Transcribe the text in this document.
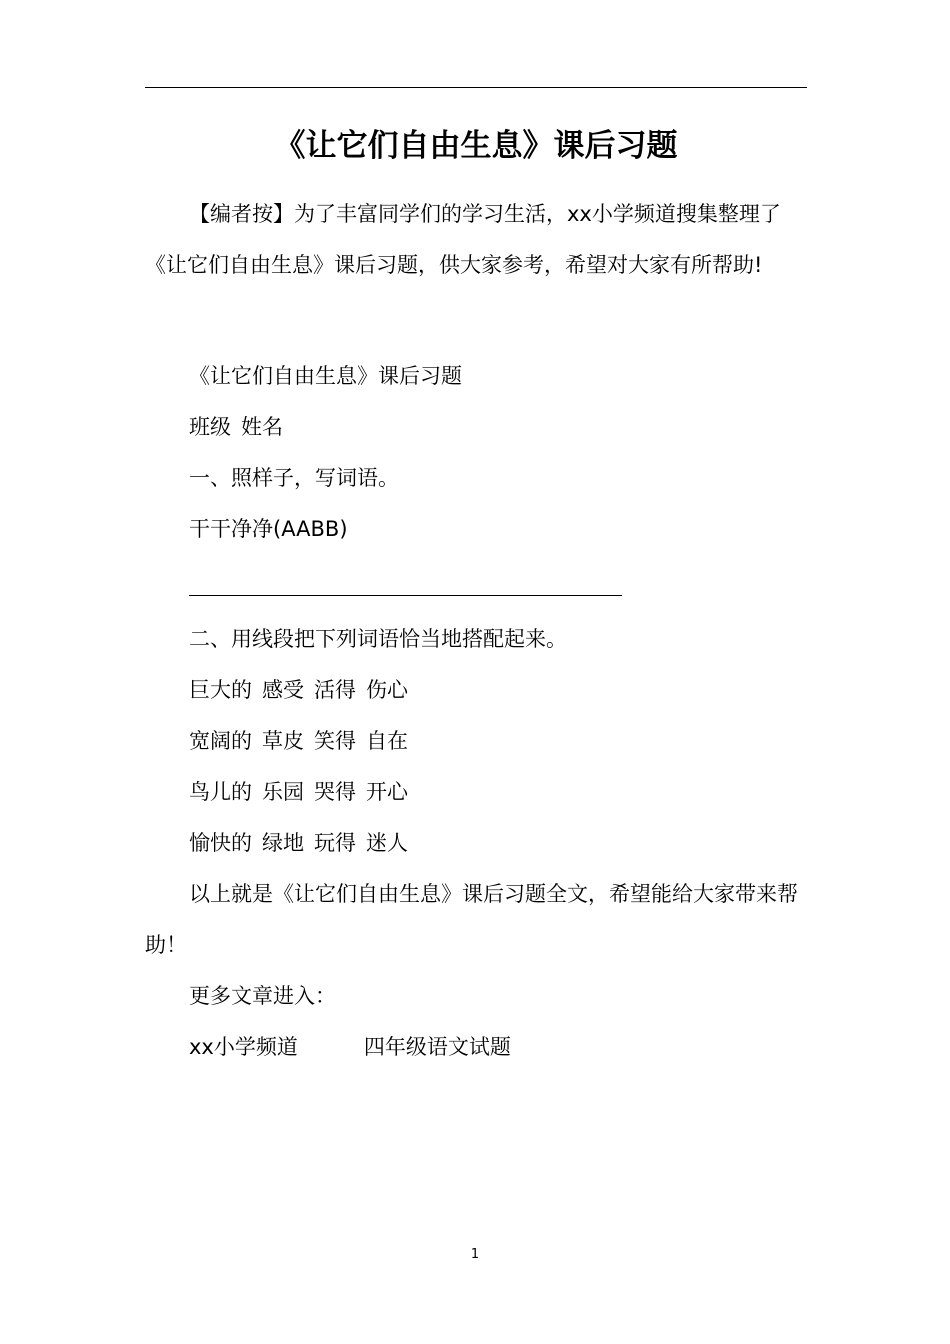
《让它们自由生息》课后习题
【编者按】为了丰富同学们的学习生活，xx小学频道搜集整理了《让它们自由生息》课后习题，供大家参考，希望对大家有所帮助!
《让它们自由生息》课后习题
班级 姓名
一、照样子，写词语。
干干净净(AABB)
二、用线段把下列词语恰当地搭配起来。
巨大的 感受 活得 伤心
宽阔的 草皮 笑得 自在
鸟儿的 乐园 哭得 开心
愉快的 绿地 玩得 迷人
以上就是《让它们自由生息》课后习题全文，希望能给大家带来帮助！
更多文章进入：
xx小学频道	四年级语文试题
1
